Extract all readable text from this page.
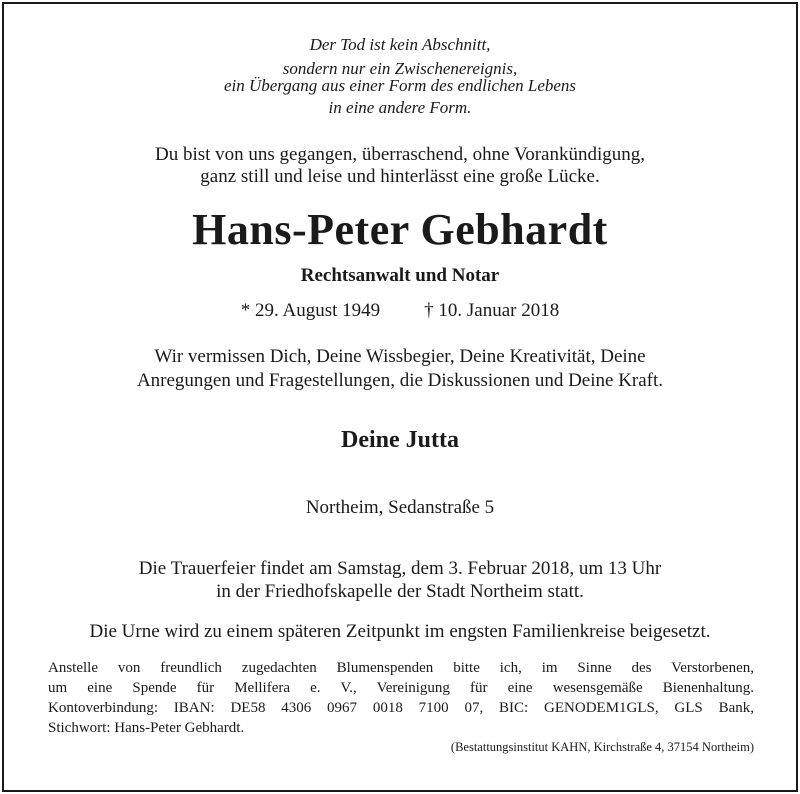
Der Tod ist kein Abschnitt,
sondern nur ein Zwischenereignis,
ein Übergang aus einer Form des endlichen Lebens
in eine andere Form.
Du bist von uns gegangen, überraschend, ohne Vorankündigung,
ganz still und leise und hinterlässt eine große Lücke.
Hans-Peter Gebhardt
Rechtsanwalt und Notar
* 29. August 1949 † 10. Januar 2018
Wir vermissen Dich, Deine Wissbegier, Deine Kreativität, Deine
Anregungen und Fragestellungen, die Diskussionen und Deine Kraft.
Deine Jutta
Northeim, Sedanstraße 5
Die Trauerfeier findet am Samstag, dem 3. Februar 2018, um 13 Uhr
in der Friedhofskapelle der Stadt Northeim statt.
Die Urne wird zu einem späteren Zeitpunkt im engsten Familienkreise beigesetzt.
Anstelle von freundlich zugedachten Blumenspenden bitte ich, im Sinne des Verstorbenen,
um eine Spende für Mellifera e. V., Vereinigung für eine wesensgemäße Bienenhaltung.
Kontoverbindung: IBAN: DE58 4306 0967 0018 7100 07, BIC: GENODEM1GLS, GLS Bank,
Stichwort: Hans-Peter Gebhardt.
(Bestattungsinstitut KAHN, Kirchstraße 4, 37154 Northeim)
